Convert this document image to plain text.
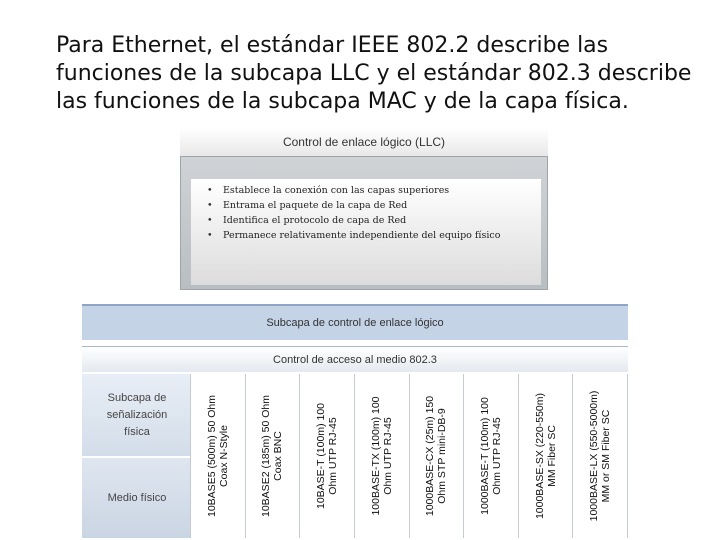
Para Ethernet, el estándar IEEE 802.2 describe las
funciones de la subcapa LLC y el estándar 802.3 describe
las funciones de la subcapa MAC y de la capa física.
Control de enlace lógico (LLC)
• Establece la conexión con las capas superiores
• Entrama el paquete de la capa de Red
• Identifica el protocolo de capa de Red
• Permanece relativamente independiente del equipo físico
Subcapa de control de enlace lógico
Control de acceso al medio 802.3
Subcapa de
señalización
física
Medio físico	10BASE5 (500m) 50 Ohm
Coax N-Style
10BASE2 (185m) 50 Ohm
Coax BNC
10BASE-T (100m) 100
Ohm UTP RJ-45
100BASE-TX (100m) 100
Ohm UTP RJ-45
1000BASE-CX (25m) 150
Ohm STP mini-DB-9
1000BASE-T (100m) 100
Ohm UTP RJ-45
1000BASE-SX (220-550m)
MM Fiber SC
1000BASE-LX (550-5000m)
MM or SM Fiber SC
